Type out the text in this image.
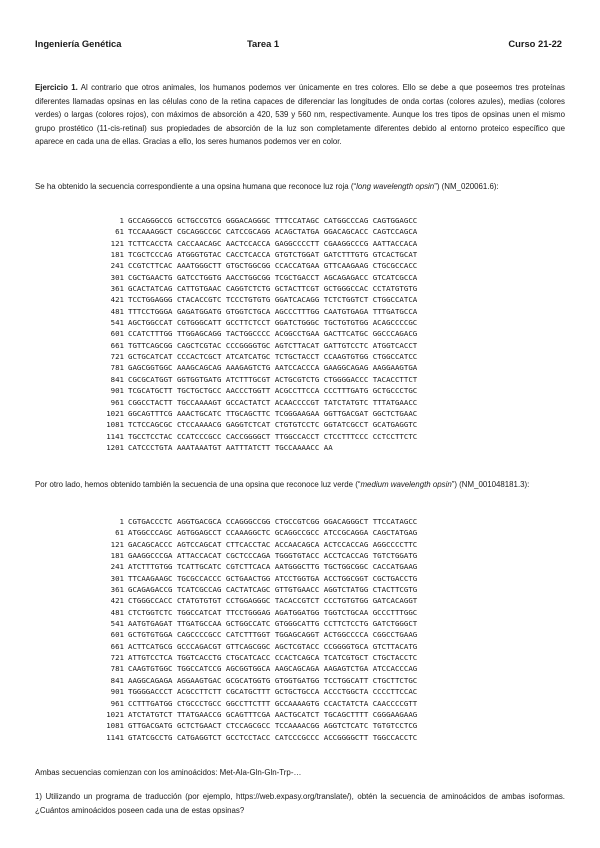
Ingeniería Genética	Tarea 1	Curso 21-22
Ejercicio 1. Al contrario que otros animales, los humanos podemos ver únicamente en tres colores. Ello se debe a que poseemos tres proteínas diferentes llamadas opsinas en las células cono de la retina capaces de diferenciar las longitudes de onda cortas (colores azules), medias (colores verdes) o largas (colores rojos), con máximos de absorción a 420, 539 y 560 nm, respectivamente. Aunque los tres tipos de opsinas unen el mismo grupo prostético (11-cis-retinal) sus propiedades de absorción de la luz son completamente diferentes debido al entorno proteico específico que aparece en cada una de ellas. Gracias a ello, los seres humanos podemos ver en color.
Se ha obtenido la secuencia correspondiente a una opsina humana que reconoce luz roja (“long wavelength opsin”) (NM_020061.6):
1 GCCAGGGCCG GCTGCCGTCG GGGACAGGGC TTTCCATAGC CATGGCCCAG CAGTGGAGCC
61 TCCAAAGGCT CGCAGGCCGC CATCCGCAGG ACAGCTATGA GGACAGCACC CAGTCCAGCA
121 TCTTCACCTA CACCAACAGC AACTCCACCA GAGGCCCCTT CGAAGGCCCG AATTACCACA
181 TCGCTCCCAG ATGGGTGTAC CACCTCACCA GTGTCTGGAT GATCTTTGTG GTCACTGCAT
241 CCGTCTTCAC AAATGGGCTT GTGCTGGCGG CCACCATGAA GTTCAAGAAG CTGCGCCACC
301 CGCTGAACTG GATCCTGGTG AACCTGGCGG TCGCTGACCT AGCAGAGACC GTCATCGCCA
361 GCACTATCAG CATTGTGAAC CAGGTCTCTG GCTACTTCGT GCTGGGCCAC CCTATGTGTG
421 TCCTGGAGGG CTACACCGTC TCCCTGTGTG GGATCACAGG TCTCTGGTCT CTGGCCATCA
481 TTTCCTGGGA GAGATGGATG GTGGTCTGCA AGCCCTTTGG CAATGTGAGA TTTGATGCCA
541 AGCTGGCCAT CGTGGGCATT GCCTTCTCCT GGATCTGGGC TGCTGTGTGG ACAGCCCCGC
601 CCATCTTTGG TTGGAGCAGG TACTGGCCCC ACGGCCTGAA GACTTCATGC GGCCCAGACG
661 TGTTCAGCGG CAGCTCGTAC CCCGGGGTGC AGTCTTACAT GATTGTCCTC ATGGTCACCT
721 GCTGCATCAT CCCACTCGCT ATCATCATGC TCTGCTACCT CCAAGTGTGG CTGGCCATCC
781 GAGCGGTGGC AAAGCAGCAG AAAGAGTCTG AATCCACCCA GAAGGCAGAG AAGGAAGTGA
841 CGCGCATGGT GGTGGTGATG ATCTTTGCGT ACTGCGTCTG CTGGGGACCC TACACCTTCT
901 TCGCATGCTT TGCTGCTGCC AACCCTGGTT ACGCCTTCCA CCCTTTGATG GCTGCCCTGC
961 CGGCCTACTT TGCCAAAAGT GCCACTATCT ACAACCCCGT TATCTATGTC TTTATGAACC
1021 GGCAGTTTCG AAACTGCATC TTGCAGCTTC TCGGGAAGAA GGTTGACGAT GGCTCTGAAC
1081 TCTCCAGCGC CTCCAAAACG GAGGTCTCAT CTGTGTCCTC GGTATCGCCT GCATGAGGTC
1141 TGCCTCCTAC CCATCCCGCC CACCGGGGCT TTGGCCACCT CTCCTTTCCC CCTCCTTCTC
1201 CATCCCTGTA AAATAAATGT AATTTATCTT TGCCAAAACC AA
Por otro lado, hemos obtenido también la secuencia de una opsina que reconoce luz verde (“medium wavelength opsin”) (NM_001048181.3):
1 CGTGACCCTC AGGTGACGCA CCAGGGCCGG CTGCCGTCGG GGACAGGGCT TTCCATAGCC
61 ATGGCCCAGC AGTGGAGCCT CCAAAGGCTC GCAGGCCGCC ATCCGCAGGA CAGCTATGAG
121 GACAGCACCC AGTCCAGCAT CTTCACCTAC ACCAACAGCA ACTCCACCAG AGGCCCCTTC
181 GAAGGCCCGA ATTACCACAT CGCTCCCAGA TGGGTGTACC ACCTCACCAG TGTCTGGATG
241 ATCTTTGTGG TCATTGCATC CGTCTTCACA AATGGGCTTG TGCTGGCGGC CACCATGAAG
301 TTCAAGAAGC TGCGCCACCC GCTGAACTGG ATCCTGGTGA ACCTGGCGGT CGCTGACCTG
361 GCAGAGACCG TCATCGCCAG CACTATCAGC GTTGTGAACC AGGTCTATGG CTACTTCGTG
421 CTGGGCCACC CTATGTGTGT CCTGGAGGGC TACACCGTCT CCCTGTGTGG GATCACAGGT
481 CTCTGGTCTC TGGCCATCAT TTCCTGGGAG AGATGGATGG TGGTCTGCAA GCCCTTTGGC
541 AATGTGAGAT TTGATGCCAA GCTGGCCATC GTGGGCATTG CCTTCTCCTG GATCTGGGCT
601 GCTGTGTGGA CAGCCCCGCC CATCTTTGGT TGGAGCAGGT ACTGGCCCCA CGGCCTGAAG
661 ACTTCATGCG GCCCAGACGT GTTCAGCGGC AGCTCGTACC CCGGGGTGCA GTCTTACATG
721 ATTGTCCTCA TGGTCACCTG CTGCATCACC CCACTCAGCA TCATCGTGCT CTGCTACCTC
781 CAAGTGTGGC TGGCCATCCG AGCGGTGGCA AAGCAGCAGA AAGAGTCTGA ATCCACCCAG
841 AAGGCAGAGA AGGAAGTGAC GCGCATGGTG GTGGTGATGG TCCTGGCATT CTGCTTCTGC
901 TGGGGACCCT ACGCCTTCTT CGCATGCTTT GCTGCTGCCA ACCCTGGCTA CCCCTTCCAC
961 CCTTTGATGG CTGCCCTGCC GGCCTTCTTT GCCAAAAGTG CCACTATCTA CAACCCCGTT
1021 ATCTATGTCT TTATGAACCG GCAGTTTCGA AACTGCATCT TGCAGCTTTT CGGGAAGAAG
1081 GTTGACGATG GCTCTGAACT CTCCAGCGCC TCCAAAACGG AGGTCTCATC TGTGTCCTCG
1141 GTATCGCCTG CATGAGGTCT GCCTCCTACC CATCCCGCCC ACCGGGGCTT TGGCCACCTC
Ambas secuencias comienzan con los aminoácidos: Met-Ala-Gln-Gln-Trp-…
1) Utilizando un programa de traducción (por ejemplo, https://web.expasy.org/translate/), obtén la secuencia de aminoácidos de ambas isoformas. ¿Cuántos aminoácidos poseen cada una de estas opsinas?
